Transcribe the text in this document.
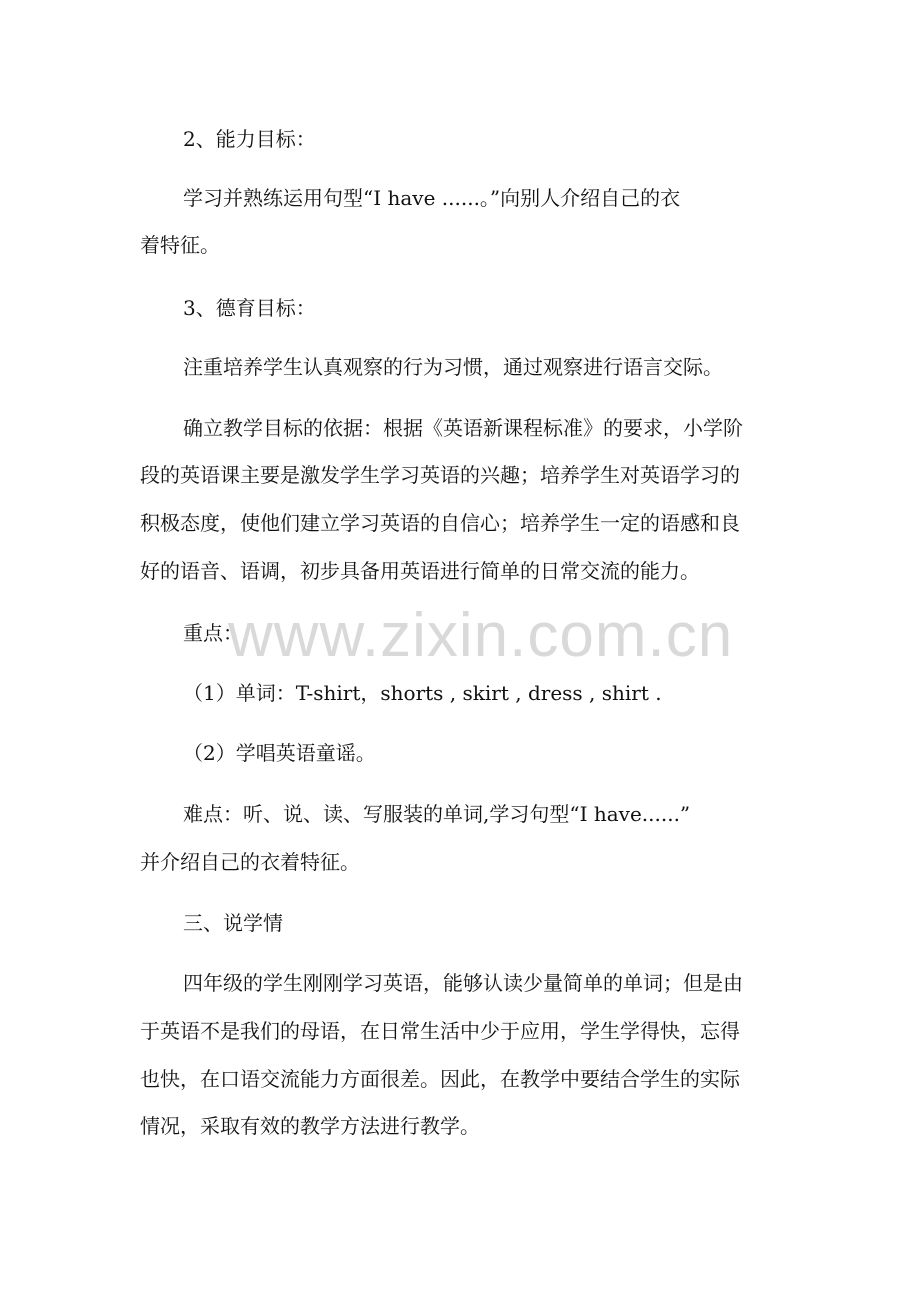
2、能力目标：

学习并熟练运用句型“I have ......。”向别人介绍自己的衣

着特征。

3、德育目标：

注重培养学生认真观察的行为习惯，通过观察进行语言交际。

确立教学目标的依据：根据《英语新课程标准》的要求，小学阶

段的英语课主要是激发学生学习英语的兴趣；培养学生对英语学习的

积极态度，使他们建立学习英语的自信心；培养学生一定的语感和良

好的语音、语调，初步具备用英语进行简单的日常交流的能力。

重点：

（1）单词：T-shirt，shorts , skirt , dress , shirt .

（2）学唱英语童谣。

难点：听、说、读、写服装的单词,学习句型“I have......”

并介绍自己的衣着特征。

三、说学情

四年级的学生刚刚学习英语，能够认读少量简单的单词；但是由

于英语不是我们的母语，在日常生活中少于应用，学生学得快，忘得

也快，在口语交流能力方面很差。因此，在教学中要结合学生的实际

情况，采取有效的教学方法进行教学。

www.zixin.com.cn
